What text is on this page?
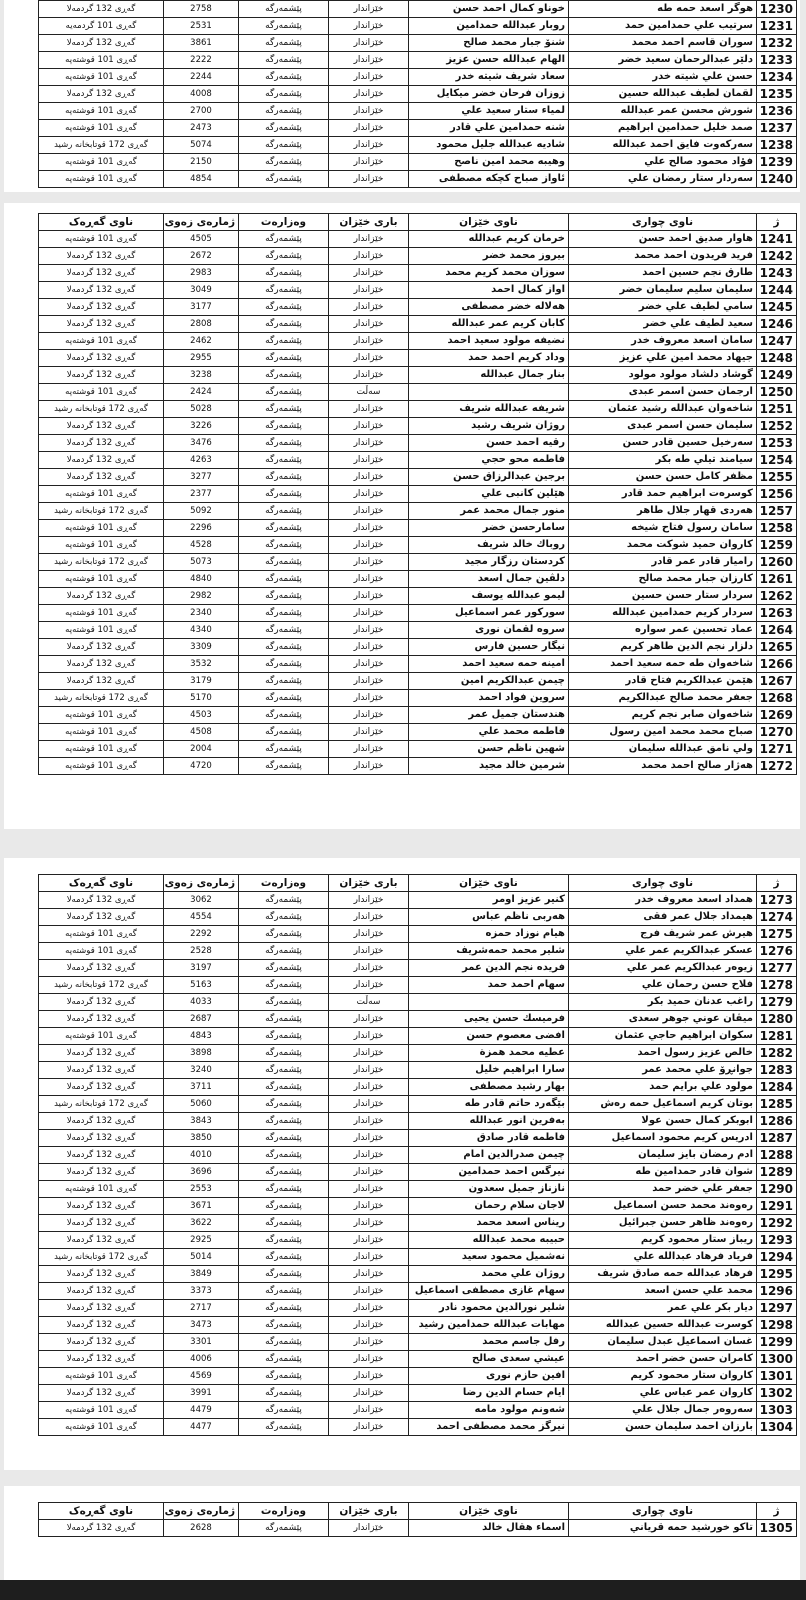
1230	هوگر اسعد حمه طه	خوناو كمال احمد حسن	خێزاندار	پێشمەرگە	2758	گەڕی 132 گردمەلا
1231	سرتيب علي حمدامين حمد	روبار عبدالله حمدامين	خێزاندار	پێشمەرگە	2531	گەڕی 101 گردمەیە
1232	سوران قاسم احمد محمد	شنۆ جبار محمد صالح	خێزاندار	پێشمەرگە	3861	گەڕی 132 گردمەلا
1233	دلێر عبدالرحمان سعيد خضر	الهام عبدالله حسن عزيز	خێزاندار	پێشمەرگە	2222	گەڕی 101 قوشتەپە
1234	حسن علي شيته خدر	سعاد شريف شيته خدر	خێزاندار	پێشمەرگە	2244	گەڕی 101 قوشتەپە
1235	لقمان لطيف عبدالله حسين	زوزان فرحان خضر ميكايل	خێزاندار	پێشمەرگە	4008	گەڕی 132 گردمەلا
1236	شورش محسن عمر عبدالله	لمياء ستار سعيد علي	خێزاندار	پێشمەرگە	2700	گەڕی 101 قوشتەپە
1237	صمد خليل حمدامين ابراهيم	شنه حمدامين علي قادر	خێزاندار	پێشمەرگە	2473	گەڕی 101 قوشتەپە
1238	سەرکەوت فايق احمد عبدالله	شاديه عبدالله جليل محمود	خێزاندار	پێشمەرگە	5074	گەڕی 172 قوتابخانە رشید
1239	فؤاد محمود صالح علي	وهيبه محمد امين ناصح	خێزاندار	پێشمەرگە	2150	گەڕی 101 قوشتەپە
1240	سەردار ستار رمضان علي	ئاواز صباح كچكه مصطفى	خێزاندار	پێشمەرگە	4854	گەڕی 101 قوشتەپە
ژ	ناوی چواری	ناوی خێزان	باری خێزان	وەزارەت	ژمارەی زەوی	ناوی گەڕەک
1241	هاوار صديق احمد حسن	خرمان كريم عبدالله	خێزاندار	پێشمەرگە	4505	گەڕی 101 قوشتەپە
1242	فريد فريدون احمد محمد	بيروز محمد خضر	خێزاندار	پێشمەرگە	2672	گەڕی 132 گردمەلا
1243	طارق نجم حسين احمد	سوزان محمد كريم محمد	خێزاندار	پێشمەرگە	2983	گەڕی 132 گردمەلا
1244	سليمان سليم سليمان خضر	اواز كمال احمد	خێزاندار	پێشمەرگە	3049	گەڕی 132 گردمەلا
1245	سامي لطيف علي خضر	هەلالە خضر مصطفى	خێزاندار	پێشمەرگە	3177	گەڕی 132 گردمەلا
1246	سعيد لطيف علي خضر	كابان كريم عمر عبدالله	خێزاندار	پێشمەرگە	2808	گەڕی 132 گردمەلا
1247	سامان اسعد معروف خدر	نضيفه مولود سعيد احمد	خێزاندار	پێشمەرگە	2462	گەڕی 101 قوشتەپە
1248	جيهاد محمد امين علي عزيز	وداد كريم احمد حمد	خێزاندار	پێشمەرگە	2955	گەڕی 132 گردمەلا
1249	گوشاد دلشاد مولود مولود	بنار جمال عبدالله	خێزاندار	پێشمەرگە	3238	گەڕی 132 گردمەلا
1250	ارجمان حسن اسمر عبدی		سەڵت	پێشمەرگە	2424	گەڕی 101 قوشتەپە
1251	شاخەوان عبدالله رشيد عثمان	شريفه عبدالله شريف	خێزاندار	پێشمەرگە	5028	گەڕی 172 قوتابخانە رشید
1252	سليمان حسن اسمر عبدی	روژان شريف رشيد	خێزاندار	پێشمەرگە	3226	گەڕی 132 گردمەلا
1253	سەرخيل حسين قادر حسن	رقيه احمد حسن	خێزاندار	پێشمەرگە	3476	گەڕی 132 گردمەلا
1254	سيامند تيلي طه بكر	فاطمه محو حجي	خێزاندار	پێشمەرگە	4263	گەڕی 132 گردمەلا
1255	مظفر كامل حسن حسن	برجين عبدالرزاق حسن	خێزاندار	پێشمەرگە	3277	گەڕی 132 گردمەلا
1256	كوسرەت ابراهيم حمد قادر	هێلين كانبی علي	خێزاندار	پێشمەرگە	2377	گەڕی 101 قوشتەپە
1257	هەردی قهار جلال طاهر	منور جمال محمد عمر	خێزاندار	پێشمەرگە	5092	گەڕی 172 قوتابخانە رشید
1258	سامان رسول فتاح شيخه	سامارحسن خضر	خێزاندار	پێشمەرگە	2296	گەڕی 101 قوشتەپە
1259	كاروان حميد شوكت محمد	روباك خالد شريف	خێزاندار	پێشمەرگە	4528	گەڕی 101 قوشتەپە
1260	راميار قادر عمر قادر	كردستان رزگار مجيد	خێزاندار	پێشمەرگە	5073	گەڕی 172 قوتابخانە رشید
1261	كارزان جبار محمد صالح	دلڤين جمال اسعد	خێزاندار	پێشمەرگە	4840	گەڕی 101 قوشتەپە
1262	سردار ستار حسن حسين	ليمو عبدالله يوسف	خێزاندار	پێشمەرگە	2982	گەڕی 132 گردمەلا
1263	سردار كريم حمدامين عبدالله	سوركور عمر اسماعيل	خێزاندار	پێشمەرگە	2340	گەڕی 101 قوشتەپە
1264	عماد تحسين عمر سواره	سروه لقمان نوری	خێزاندار	پێشمەرگە	4340	گەڕی 101 قوشتەپە
1265	دلزار نجم الدين طاهر كريم	نيگار حسين فارس	خێزاندار	پێشمەرگە	3309	گەڕی 132 گردمەلا
1266	شاخەوان طه حمه سعيد احمد	امينه حمه سعيد احمد	خێزاندار	پێشمەرگە	3532	گەڕی 132 گردمەلا
1267	هێمن عبدالكريم فتاح قادر	چيمن عبدالكريم امين	خێزاندار	پێشمەرگە	3179	گەڕی 132 گردمەلا
1268	جعفر محمد صالح عبدالكريم	سروين فواد احمد	خێزاندار	پێشمەرگە	5170	گەڕی 172 قوتابخانە رشید
1269	شاخەوان صابر نجم كريم	هندستان جميل عمر	خێزاندار	پێشمەرگە	4503	گەڕی 101 قوشتەپە
1270	صباح محمد محمد امين رسول	فاطمه محمد علي	خێزاندار	پێشمەرگە	4508	گەڕی 101 قوشتەپە
1271	ولي نامق عبدالله سليمان	شهين ناظم حسن	خێزاندار	پێشمەرگە	2004	گەڕی 101 قوشتەپە
1272	هەژار صالح احمد محمد	شرمين خالد مجيد	خێزاندار	پێشمەرگە	4720	گەڕی 101 قوشتەپە
ژ	ناوی چواری	ناوی خێزان	باری خێزان	وەزارەت	ژمارەی زەوی	ناوی گەڕەک
1273	همداد اسعد معروف خدر	كنير عزيز اومر	خێزاندار	پێشمەرگە	3062	گەڕی 132 گردمەلا
1274	هيمداد جلال عمر فقی	هەربی ناظم عباس	خێزاندار	پێشمەرگە	4554	گەڕی 132 گردمەلا
1275	هيرش عمر شريف فرج	هيام نوزاد حمزه	خێزاندار	پێشمەرگە	2292	گەڕی 101 قوشتەپە
1276	عسكر عبدالكريم عمر علي	شلير محمد حمەشريف	خێزاندار	پێشمەرگە	2528	گەڕی 101 قوشتەپە
1277	زيوەر عبدالكريم عمر علي	فريده نجم الدين عمر	خێزاندار	پێشمەرگە	3197	گەڕی 132 گردمەلا
1278	فلاح حسن رحمان علي	سهام احمد حمد	خێزاندار	پێشمەرگە	5163	گەڕی 172 قوتابخانە رشید
1279	راغب عدنان حميد بكر		سەڵت	پێشمەرگە	4033	گەڕی 132 گردمەلا
1280	ميڤان عوني جوهر سعدی	فرميسك حسن يحيى	خێزاندار	پێشمەرگە	2687	گەڕی 132 گردمەلا
1281	سكوان ابراهيم حاجي عثمان	افضی معصوم حسن	خێزاندار	پێشمەرگە	4843	گەڕی 101 قوشتەپە
1282	خالص عزيز رسول احمد	عطيه محمد همزة	خێزاندار	پێشمەرگە	3898	گەڕی 132 گردمەلا
1283	جوانڕۆ علي محمد عمر	سارا ابراهيم خليل	خێزاندار	پێشمەرگە	3240	گەڕی 132 گردمەلا
1284	مولود علي برايم حمد	بهار رشيد مصطفى	خێزاندار	پێشمەرگە	3711	گەڕی 132 گردمەلا
1285	بوتان كريم اسماعيل حمه رەش	بێگەرد حاتم قادر طه	خێزاندار	پێشمەرگە	5060	گەڕی 172 قوتابخانە رشید
1286	ابوبكر كمال حسن عولا	بەفرين انور عبدالله	خێزاندار	پێشمەرگە	3843	گەڕی 132 گردمەلا
1287	ادريس كريم محمود اسماعيل	فاطمه قادر صادق	خێزاندار	پێشمەرگە	3850	گەڕی 132 گردمەلا
1288	ادم رمضان بايز سليمان	چيمن صدرالدين امام	خێزاندار	پێشمەرگە	4010	گەڕی 132 گردمەلا
1289	شوان قادر حمدامين طه	نيرگس احمد حمدامين	خێزاندار	پێشمەرگە	3696	گەڕی 132 گردمەلا
1290	جعفر علي خضر حمد	نازناز جميل سعدون	خێزاندار	پێشمەرگە	2553	گەڕی 101 قوشتەپە
1291	رەوەند محمد حسن اسماعيل	لاجان سلام رحمان	خێزاندار	پێشمەرگە	3671	گەڕی 132 گردمەلا
1292	رەوەند ظاهر حسن جبرائيل	ريناس اسعد محمد	خێزاندار	پێشمەرگە	3622	گەڕی 132 گردمەلا
1293	ريباز ستار محمود كريم	حبيبه محمد عبدالله	خێزاندار	پێشمەرگە	2925	گەڕی 132 گردمەلا
1294	فرياد فرهاد عبدالله علي	نەشميل محمود سعيد	خێزاندار	پێشمەرگە	5014	گەڕی 172 قوتابخانە رشید
1295	فرهاد عبدالله حمه صادق شريف	روژان علي محمد	خێزاندار	پێشمەرگە	3849	گەڕی 132 گردمەلا
1296	محمد علي حسن اسعد	سهام غازی مصطفى اسماعيل	خێزاندار	پێشمەرگە	3373	گەڕی 132 گردمەلا
1297	ديار بكر علي عمر	شلير نورالدين محمود نادر	خێزاندار	پێشمەرگە	2717	گەڕی 132 گردمەلا
1298	كوسرت عبدالله حسين عبدالله	مهابات عبدالله حمدامين رشيد	خێزاندار	پێشمەرگە	3473	گەڕی 132 گردمەلا
1299	غسان اسماعيل عبدل سليمان	رفل جاسم محمد	خێزاندار	پێشمەرگە	3301	گەڕی 132 گردمەلا
1300	كامران حسن خضر احمد	عيشي سعدی صالح	خێزاندار	پێشمەرگە	4006	گەڕی 132 گردمەلا
1301	كاروان ستار محمود كريم	افين حازم نوری	خێزاندار	پێشمەرگە	4569	گەڕی 101 قوشتەپە
1302	كاروان عمر عباس علي	ايام حسام الدين رضا	خێزاندار	پێشمەرگە	3991	گەڕی 132 گردمەلا
1303	سەروەر جمال جلال علي	شەونم مولود مامه	خێزاندار	پێشمەرگە	4479	گەڕی 101 قوشتەپە
1304	بارزان احمد سليمان حسن	نيرگز محمد مصطفى احمد	خێزاندار	پێشمەرگە	4477	گەڕی 101 قوشتەپە
ژ	ناوی چواری	ناوی خێزان	باری خێزان	وەزارەت	ژمارەی زەوی	ناوی گەڕەک
1305	تاكو خورشيد حمه قرياني	اسماء هقال خالد	خێزاندار	پێشمەرگە	2628	گەڕی 132 گردمەلا
